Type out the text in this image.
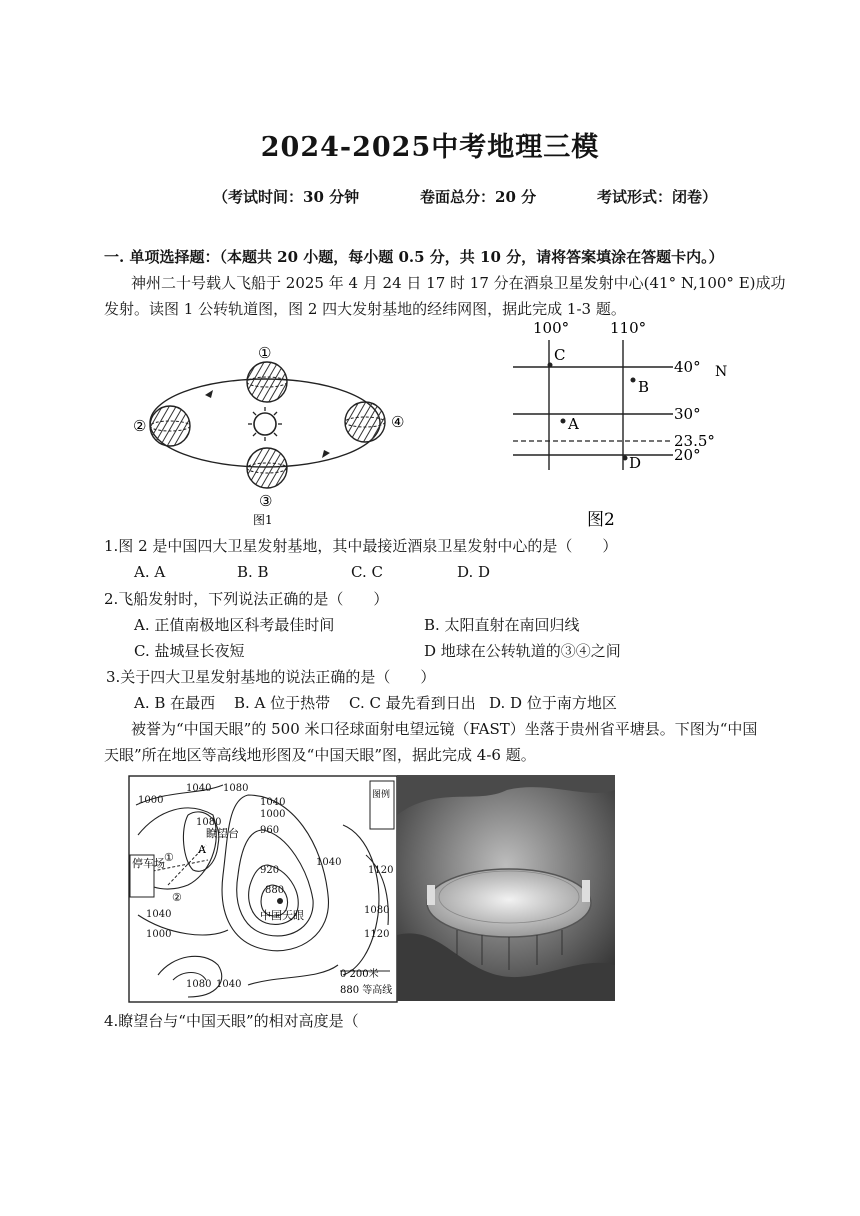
2024-2025中考地理三模
（考试时间：30 分钟	卷面总分：20 分	考试形式：闭卷）
一. 单项选择题：（本题共 20 小题，每小题 0.5 分，共 10 分，请将答案填涂在答题卡内。）
神州二十号载人飞船于 2025 年 4 月 24 日 17 时 17 分在酒泉卫星发射中心(41° N,100° E)成功
发射。读图 1 公转轨道图，图 2 四大发射基地的经纬网图，据此完成 1-3 题。
①
②
③
④
图1
100°	110°
40° N
30°
23.5°
20°
C
B
A
D
图2
1.图 2 是中国四大卫星发射基地，其中最接近酒泉卫星发射中心的是（　　）
A. A	B. B	C. C	D. D
2.飞船发射时，下列说法正确的是（　　）
A. 正值南极地区科考最佳时间	B. 太阳直射在南回归线
C. 盐城昼长夜短	D 地球在公转轨道的③④之间
3.关于四大卫星发射基地的说法正确的是（　　）
A. B 在最西 B. A 位于热带 C. C 最先看到日出 D. D 位于南方地区
被誉为“中国天眼”的 500 米口径球面射电望远镜（FAST）坐落于贵州省平塘县。下图为“中国
天眼”所在地区等高线地形图及“中国天眼”图，据此完成 4-6 题。
停车场 ①
②
瞭望台
A
中国天眼
图例
0 200米
880 等高线
1040 1080
1000
1080
1040
1000
960
920
880
1040
1120
1040
1000
1080
1120
1080 1040
4.瞭望台与“中国天眼”的相对高度是（　　
